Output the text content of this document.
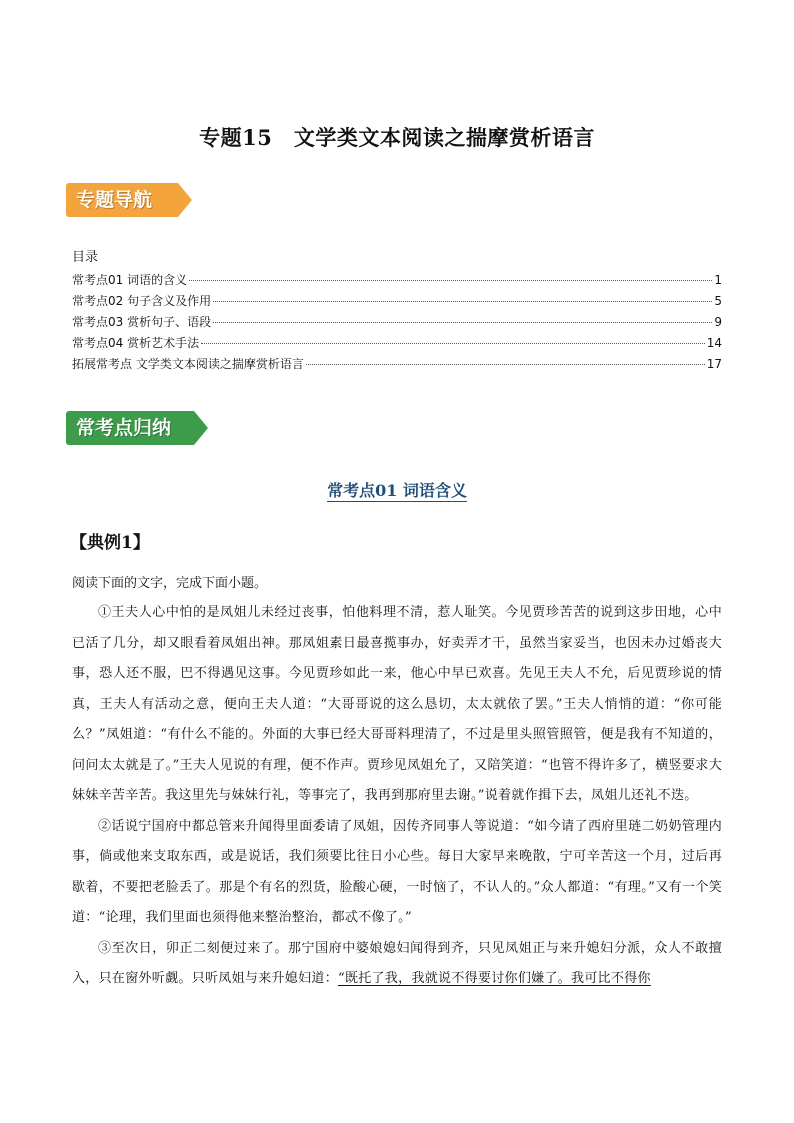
专题15　文学类文本阅读之揣摩赏析语言
专题导航
目录
常考点01 词语的含义	1
常考点02 句子含义及作用	5
常考点03 赏析句子、语段	9
常考点04 赏析艺术手法	14
拓展常考点 文学类文本阅读之揣摩赏析语言	17
常考点归纳
常考点01 词语含义
【典例1】
阅读下面的文字，完成下面小题。

①王夫人心中怕的是凤姐儿未经过丧事，怕他料理不清，惹人耻笑。今见贾珍苦苦的说到这步田地，心中已活了几分，却又眼看着凤姐出神。那凤姐素日最喜揽事办，好卖弄才干，虽然当家妥当，也因未办过婚丧大事，恐人还不服，巴不得遇见这事。今见贾珍如此一来，他心中早已欢喜。先见王夫人不允，后见贾珍说的情真，王夫人有活动之意，便向王夫人道：“大哥哥说的这么恳切，太太就依了罢。”王夫人悄悄的道：“你可能么？”凤姐道：“有什么不能的。外面的大事已经大哥哥料理清了，不过是里头照管照管，便是我有不知道的，问问太太就是了。”王夫人见说的有理，便不作声。贾珍见凤姐允了，又陪笑道：“也管不得许多了，横竖要求大妹妹辛苦辛苦。我这里先与妹妹行礼，等事完了，我再到那府里去谢。”说着就作揖下去，凤姐儿还礼不迭。

②话说宁国府中都总管来升闻得里面委请了凤姐，因传齐同事人等说道：“如今请了西府里琏二奶奶管理内事，倘或他来支取东西，或是说话，我们须要比往日小心些。每日大家早来晚散，宁可辛苦这一个月，过后再歇着，不要把老脸丢了。那是个有名的烈货，脸酸心硬，一时恼了，不认人的。”众人都道：“有理。”又有一个笑道：“论理，我们里面也须得他来整治整治，都忒不像了。”

③至次日，卯正二刻便过来了。那宁国府中婆娘媳妇闻得到齐，只见凤姐正与来升媳妇分派，众人不敢擅入，只在窗外听觑。只听凤姐与来升媳妇道：“既托了我，我就说不得要讨你们嫌了。我可比不得你
